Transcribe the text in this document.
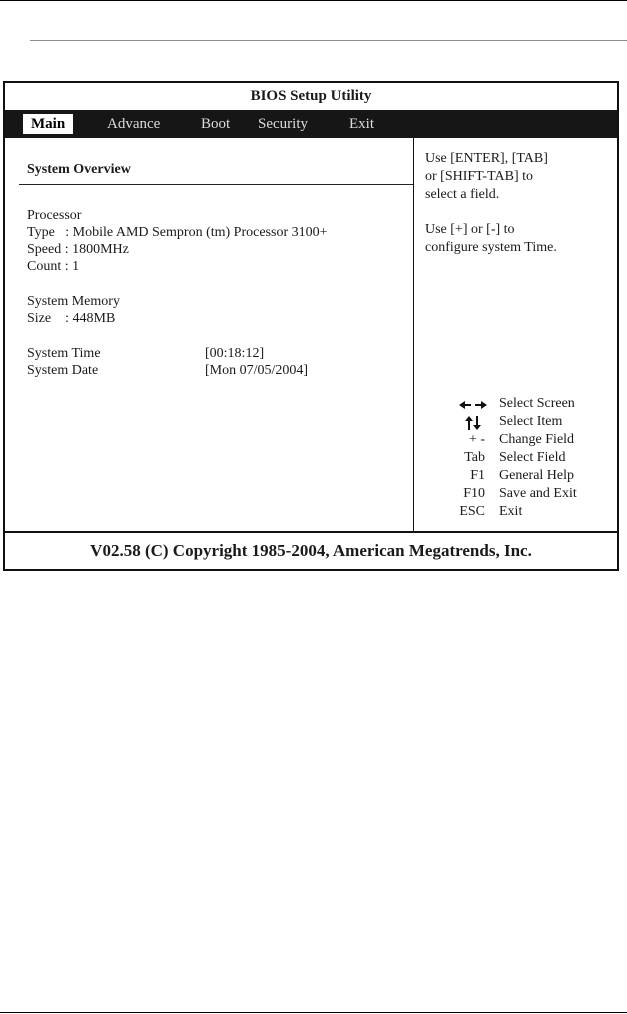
BIOS Setup Utility
Main	Advance	Boot	Security	Exit
System Overview
Processor
Type   : Mobile AMD Sempron (tm) Processor 3100+
Speed : 1800MHz
Count : 1
System Memory
Size    : 448MB
System Time	[00:18:12]
System Date	[Mon 07/05/2004]
Use [ENTER], [TAB]
or [SHIFT-TAB] to
select a field.
Use [+] or [-] to
configure system Time.
Select Screen
Select Item
+ - Change Field
Tab Select Field
F1 General Help
F10 Save and Exit
ESC Exit
V02.58 (C) Copyright 1985-2004, American Megatrends, Inc.
